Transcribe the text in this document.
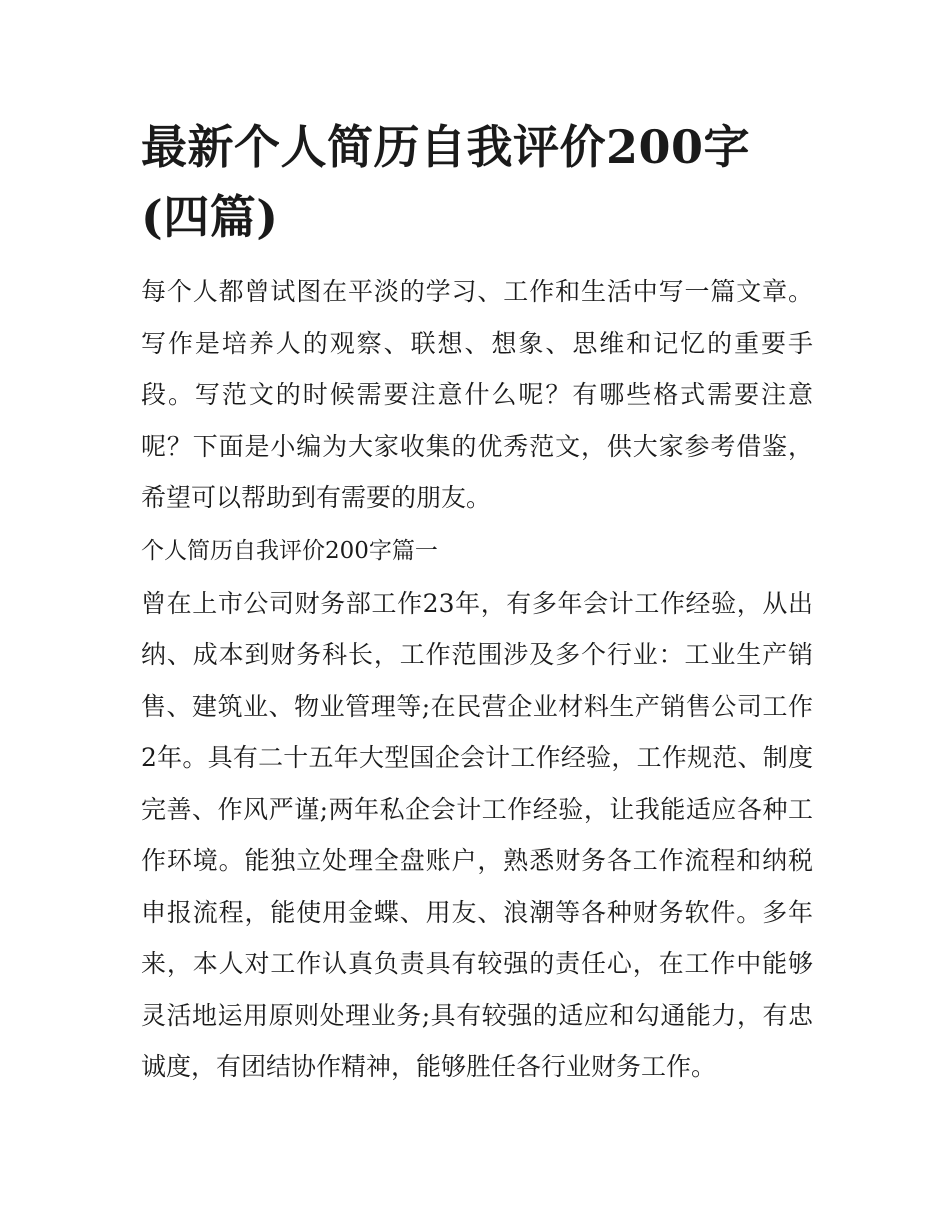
最新个人简历自我评价200字(四篇)

每个人都曾试图在平淡的学习、工作和生活中写一篇文章。写作是培养人的观察、联想、想象、思维和记忆的重要手段。写范文的时候需要注意什么呢？有哪些格式需要注意呢？下面是小编为大家收集的优秀范文，供大家参考借鉴，希望可以帮助到有需要的朋友。

个人简历自我评价200字篇一

曾在上市公司财务部工作23年，有多年会计工作经验，从出纳、成本到财务科长，工作范围涉及多个行业：工业生产销售、建筑业、物业管理等;在民营企业材料生产销售公司工作2年。具有二十五年大型国企会计工作经验，工作规范、制度完善、作风严谨;两年私企会计工作经验，让我能适应各种工作环境。能独立处理全盘账户，熟悉财务各工作流程和纳税申报流程，能使用金蝶、用友、浪潮等各种财务软件。多年来，本人对工作认真负责具有较强的责任心，在工作中能够灵活地运用原则处理业务;具有较强的适应和勾通能力，有忠诚度，有团结协作精神，能够胜任各行业财务工作。
